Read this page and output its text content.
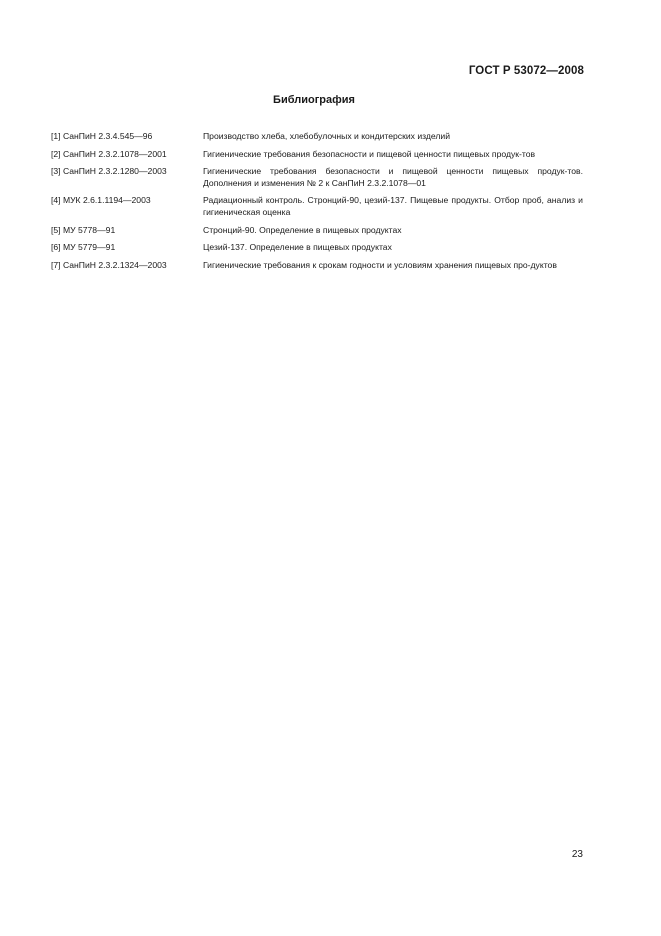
ГОСТ Р 53072—2008
Библиография
[1] СанПиН 2.3.4.545—96	Производство хлеба, хлебобулочных и кондитерских изделий
[2] СанПиН 2.3.2.1078—2001	Гигиенические требования безопасности и пищевой ценности пищевых продук-тов
[3] СанПиН 2.3.2.1280—2003	Гигиенические требования безопасности и пищевой ценности пищевых продук-тов. Дополнения и изменения № 2 к СанПиН 2.3.2.1078—01
[4] МУК 2.6.1.1194—2003	Радиационный контроль. Стронций-90, цезий-137. Пищевые продукты. Отбор проб, анализ и гигиеническая оценка
[5] МУ 5778—91	Стронций-90. Определение в пищевых продуктах
[6] МУ 5779—91	Цезий-137. Определение в пищевых продуктах
[7] СанПиН 2.3.2.1324—2003	Гигиенические требования к срокам годности и условиям хранения пищевых про-дуктов
23
